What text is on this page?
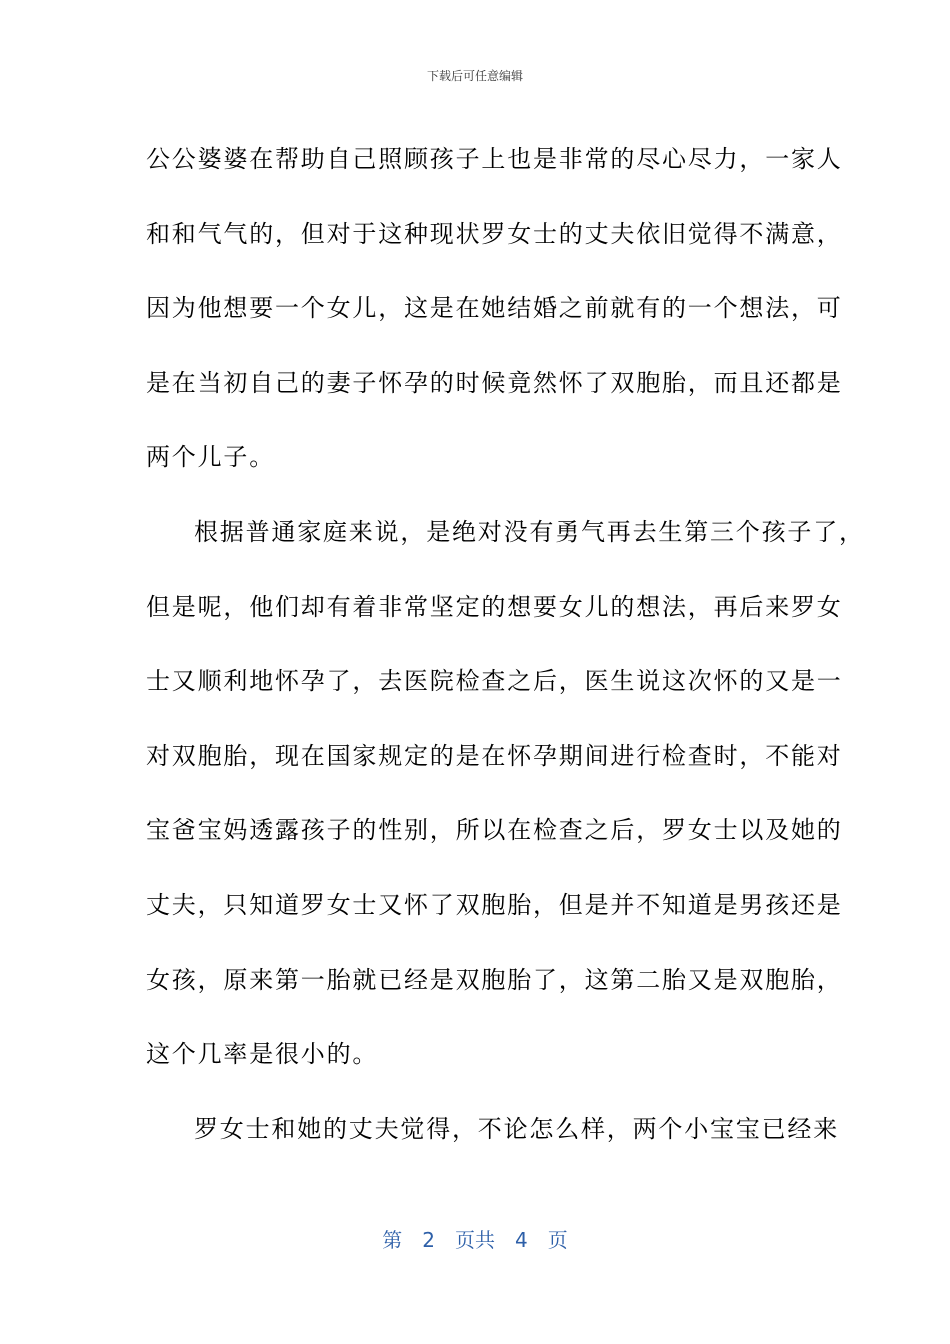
下载后可任意编辑
公公婆婆在帮助自己照顾孩子上也是非常的尽心尽力，一家人
和和气气的，但对于这种现状罗女士的丈夫依旧觉得不满意，
因为他想要一个女儿，这是在她结婚之前就有的一个想法，可
是在当初自己的妻子怀孕的时候竟然怀了双胞胎，而且还都是
两个儿子。
根据普通家庭来说，是绝对没有勇气再去生第三个孩子了，
但是呢，他们却有着非常坚定的想要女儿的想法，再后来罗女
士又顺利地怀孕了，去医院检查之后，医生说这次怀的又是一
对双胞胎，现在国家规定的是在怀孕期间进行检查时，不能对
宝爸宝妈透露孩子的性别，所以在检查之后，罗女士以及她的
丈夫，只知道罗女士又怀了双胞胎，但是并不知道是男孩还是
女孩，原来第一胎就已经是双胞胎了，这第二胎又是双胞胎，
这个几率是很小的。
罗女士和她的丈夫觉得，不论怎么样，两个小宝宝已经来
第 2 页共 4 页
